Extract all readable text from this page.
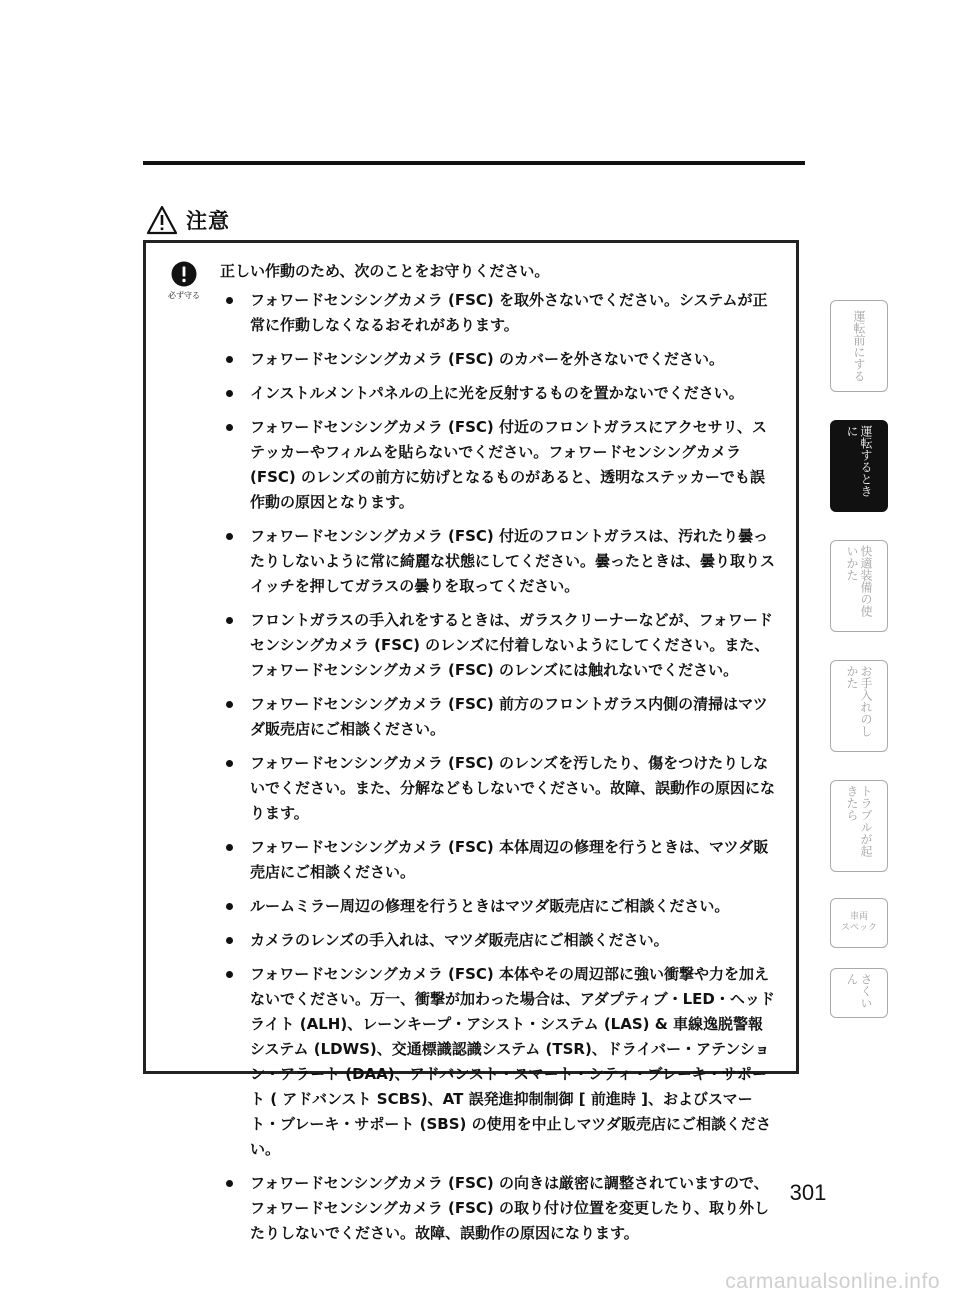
注意
必ず守る

正しい作動のため、次のことをお守りください。

フォワードセンシングカメラ (FSC) を取外さないでください。システムが正常に作動しなくなるおそれがあります。
フォワードセンシングカメラ (FSC) のカバーを外さないでください。
インストルメントパネルの上に光を反射するものを置かないでください。
フォワードセンシングカメラ (FSC) 付近のフロントガラスにアクセサリ、ステッカーやフィルムを貼らないでください。フォワードセンシングカメラ (FSC) のレンズの前方に妨げとなるものがあると、透明なステッカーでも誤作動の原因となります。
フォワードセンシングカメラ (FSC) 付近のフロントガラスは、汚れたり曇ったりしないように常に綺麗な状態にしてください。曇ったときは、曇り取りスイッチを押してガラスの曇りを取ってください。
フロントガラスの手入れをするときは、ガラスクリーナーなどが、フォワードセンシングカメラ (FSC) のレンズに付着しないようにしてください。また、フォワードセンシングカメラ (FSC) のレンズには触れないでください。
フォワードセンシングカメラ (FSC) 前方のフロントガラス内側の清掃はマツダ販売店にご相談ください。
フォワードセンシングカメラ (FSC) のレンズを汚したり、傷をつけたりしないでください。また、分解などもしないでください。故障、誤動作の原因になります。
フォワードセンシングカメラ (FSC) 本体周辺の修理を行うときは、マツダ販売店にご相談ください。
ルームミラー周辺の修理を行うときはマツダ販売店にご相談ください。
カメラのレンズの手入れは、マツダ販売店にご相談ください。
フォワードセンシングカメラ (FSC) 本体やその周辺部に強い衝撃や力を加えないでください。万一、衝撃が加わった場合は、アダプティブ・LED・ヘッドライト (ALH)、レーンキープ・アシスト・システム (LAS) & 車線逸脱警報システム (LDWS)、交通標識認識システム (TSR)、ドライバー・アテンション・アラート (DAA)、アドバンスト・スマート・シティ・ブレーキ・サポート ( アドバンスト SCBS)、AT 誤発進抑制制御 [ 前進時 ]、およびスマート・ブレーキ・サポート (SBS) の使用を中止しマツダ販売店にご相談ください。
フォワードセンシングカメラ (FSC) の向きは厳密に調整されていますので、フォワードセンシングカメラ (FSC) の取り付け位置を変更したり、取り外したりしないでください。故障、誤動作の原因になります。
運転前にする
運転するときに
快適装備の使いかた
お手入れのしかた
トラブルが起きたら
車両
スペック
さくいん
301
carmanualsonline.info
